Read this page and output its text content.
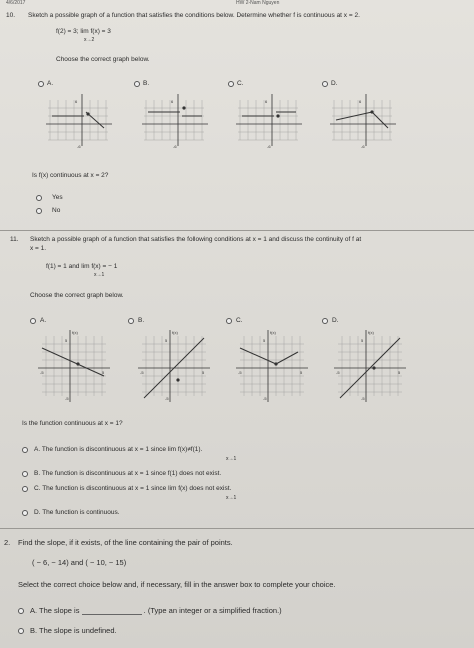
4/6/2017	HW 2-Nam Nguyen
10. Sketch a possible graph of a function that satisfies the conditions below. Determine whether f is continuous at x = 2.
f(2) = 3; lim f(x) = 3
x→2
Choose the correct graph below.
A.	B.	C.	D.
6
-6
6
-6
6
-6
6
-6
Is f(x) continuous at x = 2?
Yes
No
11. Sketch a possible graph of a function that satisfies the following conditions at x = 1 and discuss the continuity of f at
x = 1.
f(1) = 1 and lim f(x) = − 1
x→1
Choose the correct graph below.
A.	B.	C.	D.
f(x)
5
-5	5
-5
f(x)
5
-5	5
-5
f(x)
5
-5	5
-5
f(x)
5
-5	5
-5
Is the function continuous at x = 1?
A. The function is discontinuous at x = 1 since lim f(x)≠f(1).
x→1
B. The function is discontinuous at x = 1 since f(1) does not exist.
C. The function is discontinuous at x = 1 since lim f(x) does not exist.
x→1
D. The function is continuous.
2. Find the slope, if it exists, of the line containing the pair of points.
( − 6, − 14) and ( − 10, − 15)
Select the correct choice below and, if necessary, fill in the answer box to complete your choice.
A. The slope is	. (Type an integer or a simplified fraction.)
B. The slope is undefined.
